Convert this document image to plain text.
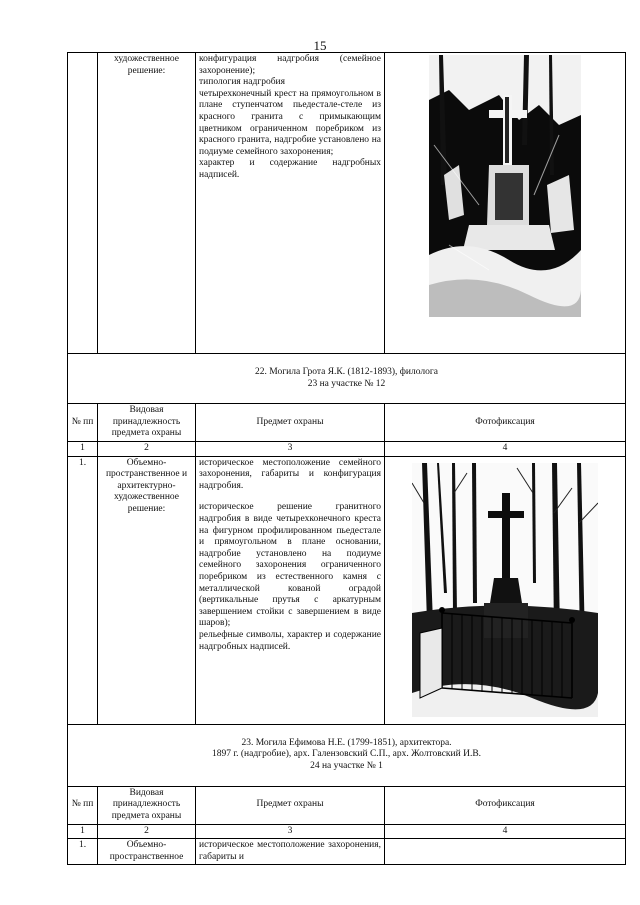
15
	художественное решение:	конфигурация надгробия (семейное захоронение);

типология надгробия

четырехконечный крест на прямоугольном в плане ступенчатом пьедестале-стеле из красного гранита с примыкающим цветником ограниченном поребриком из красного гранита, надгробие установлено на подиуме семейного захоронения;

характер и содержание надгробных надписей.

22. Могила Грота Я.К. (1812-1893), филолога

23 на участке № 12			

№ пп	Видовая принадлежность предмета охраны	Предмет охраны	Фотофиксация
1	2	3	4
1.	Объемно-пространственное и архитектурно-художественное решение:	историческое местоположение семейного захоронения, габариты и конфигурация надгробия.

историческое решение гранитного надгробия в виде четырехконечного креста на фигурном профилированном пьедестале и прямоугольном в плане основании, надгробие установлено на подиуме семейного захоронения ограниченного поребриком из естественного камня с металлической кованой оградой (вертикальные прутья с аркатурным завершением стойки с завершением в виде шаров);

рельефные символы, характер и содержание надгробных надписей.

23. Могила Ефимова Н.Е. (1799-1851), архитектора.

1897 г. (надгробие), арх. Галензовский С.П., арх. Жолтовский И.В.

24 на участке № 1			

№ пп	Видовая принадлежность предмета охраны	Предмет охраны	Фотофиксация
1	2	3	4
1.	Объемно-пространственное	историческое местоположение захоронения, габариты и	
